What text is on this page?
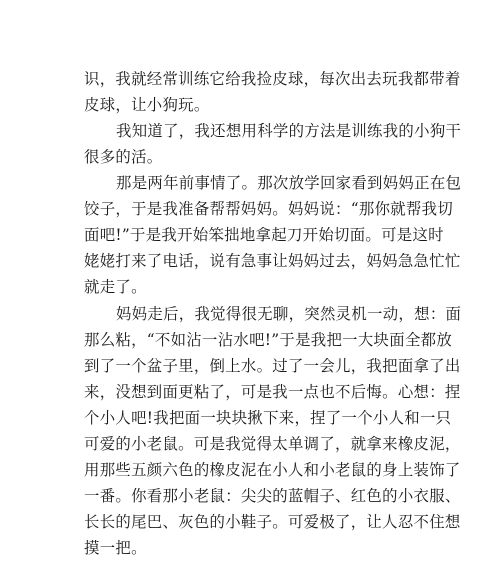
识，我就经常训练它给我捡皮球，每次出去玩我都带着
皮球，让小狗玩。
我知道了，我还想用科学的方法是训练我的小狗干
很多的活。
那是两年前事情了。那次放学回家看到妈妈正在包
饺子，于是我准备帮帮妈妈。妈妈说：“那你就帮我切
面吧!”于是我开始笨拙地拿起刀开始切面。可是这时
姥姥打来了电话，说有急事让妈妈过去，妈妈急急忙忙
就走了。
妈妈走后，我觉得很无聊，突然灵机一动，想：面
那么粘，“不如沾一沾水吧!”于是我把一大块面全都放
到了一个盆子里，倒上水。过了一会儿，我把面拿了出
来，没想到面更粘了，可是我一点也不后悔。心想：捏
个小人吧!我把面一块块揪下来，捏了一个小人和一只
可爱的小老鼠。可是我觉得太单调了，就拿来橡皮泥，
用那些五颜六色的橡皮泥在小人和小老鼠的身上装饰了
一番。你看那小老鼠：尖尖的蓝帽子、红色的小衣服、
长长的尾巴、灰色的小鞋子。可爱极了，让人忍不住想
摸一把。
